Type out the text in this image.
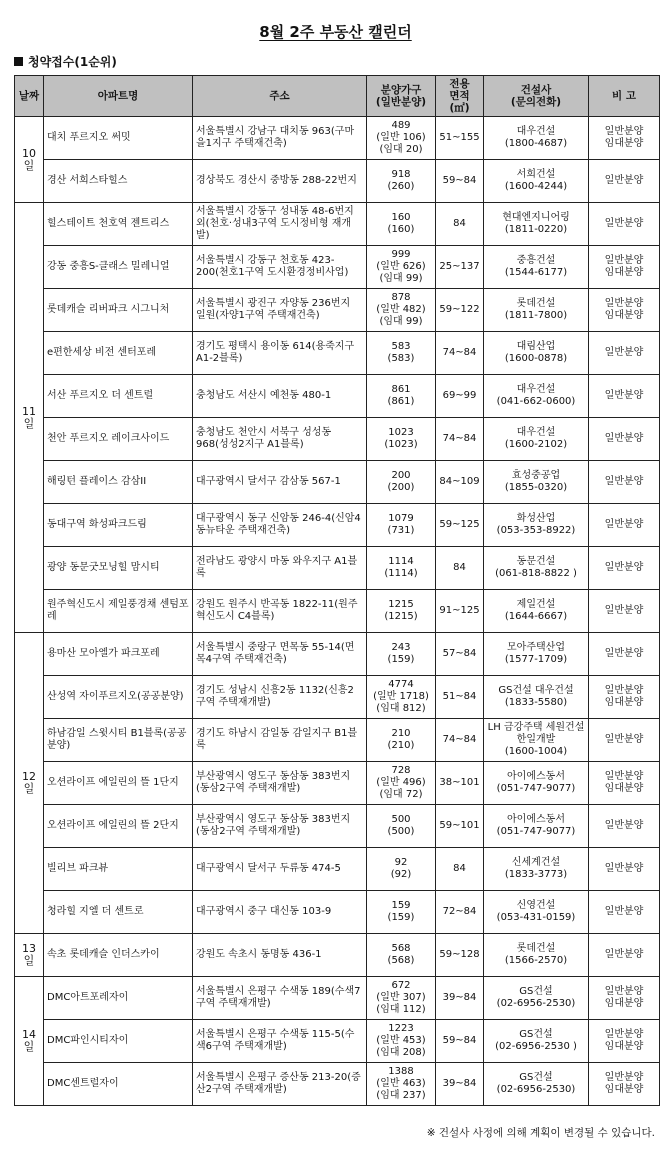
8월 2주 부동산 캘린더
청약접수(1순위)
날짜	아파트명	주소	분양가구
(일반분양)	전용
면적
(㎡)	건설사
(문의전화)	비 고
10일	대치 푸르지오 써밋	서울특별시 강남구 대치동 963(구마을1지구 주택재건축)	489
(일반 106)
(임대 20)	51~155	대우건설
(1800-4687)	일반분양
임대분양
	경산 서희스타힐스	경상북도 경산시 중방동 288-22번지	918
(260)	59~84	서희건설
(1600-4244)	일반분양
11일	힐스테이트 천호역 젠트리스	서울특별시 강동구 성내동 48-6번지 외(천호·성내3구역 도시정비형 재개발)	160
(160)	84	현대엔지니어링
(1811-0220)	일반분양
	강동 중흥S-클래스 밀레니얼	서울특별시 강동구 천호동 423-200(천호1구역 도시환경정비사업)	999
(일반 626)
(임대 99)	25~137	중흥건설
(1544-6177)	일반분양
임대분양
	롯데캐슬 리버파크 시그니처	서울특별시 광진구 자양동 236번지 일원(자양1구역 주택재건축)	878
(일반 482)
(임대 99)	59~122	롯데건설
(1811-7800)	일반분양
임대분양
	e편한세상 비전 센터포레	경기도 평택시 용이동 614(용죽지구 A1-2블록)	583
(583)	74~84	대림산업
(1600-0878)	일반분양
	서산 푸르지오 더 센트럴	충청남도 서산시 예천동 480-1	861
(861)	69~99	대우건설
(041-662-0600)	일반분양
	천안 푸르지오 레이크사이드	충청남도 천안시 서북구 성성동 968(성성2지구 A1블록)	1023
(1023)	74~84	대우건설
(1600-2102)	일반분양
	해링턴 플레이스 감삼II	대구광역시 달서구 감삼동 567-1	200
(200)	84~109	효성중공업
(1855-0320)	일반분양
	동대구역 화성파크드림	대구광역시 동구 신암동 246-4(신암4동뉴타운 주택재건축)	1079
(731)	59~125	화성산업
(053-353-8922)	일반분양
	광양 동문굿모닝힐 맘시티	전라남도 광양시 마동 와우지구 A1블록	1114
(1114)	84	동문건설
(061-818-8822 )	일반분양
	원주혁신도시 제일풍경채 센텀포레	강원도 원주시 반곡동 1822-11(원주혁신도시 C4블록)	1215
(1215)	91~125	제일건설
(1644-6667)	일반분양
12일	용마산 모아엘가 파크포레	서울특별시 중랑구 면목동 55-14(면목4구역 주택재건축)	243
(159)	57~84	모아주택산업
(1577-1709)	일반분양
	산성역 자이푸르지오(공공분양)	경기도 성남시 신흥2동 1132(신흥2구역 주택재개발)	4774
(일반 1718)
(임대 812)	51~84	GS건설 대우건설
(1833-5580)	일반분양
임대분양
	하남감일 스윗시티 B1블록(공공분양)	경기도 하남시 감일동 감일지구 B1블록	210
(210)	74~84	LH 금강주택 세원건설 한일개발
(1600-1004)	일반분양
	오션라이프 에일린의 뜰 1단지	부산광역시 영도구 동삼동 383번지(동삼2구역 주택재개발)	728
(일반 496)
(임대 72)	38~101	아이에스동서
(051-747-9077)	일반분양
임대분양
	오션라이프 에일린의 뜰 2단지	부산광역시 영도구 동삼동 383번지(동삼2구역 주택재개발)	500
(500)	59~101	아이에스동서
(051-747-9077)	일반분양
	빌리브 파크뷰	대구광역시 달서구 두류동 474-5	92
(92)	84	신세계건설
(1833-3773)	일반분양
	청라힐 지엘 더 센트로	대구광역시 중구 대신동 103-9	159
(159)	72~84	신영건설
(053-431-0159)	일반분양
13일	속초 롯데캐슬 인더스카이	강원도 속초시 동명동 436-1	568
(568)	59~128	롯데건설
(1566-2570)	일반분양
14일	DMC아트포레자이	서울특별시 은평구 수색동 189(수색7구역 주택재개발)	672
(일반 307)
(임대 112)	39~84	GS건설
(02-6956-2530)	일반분양
임대분양
	DMC파인시티자이	서울특별시 은평구 수색동 115-5(수색6구역 주택재개발)	1223
(일반 453)
(임대 208)	59~84	GS건설
(02-6956-2530 )	일반분양
임대분양
	DMC센트럴자이	서울특별시 은평구 증산동 213-20(증산2구역 주택재개발)	1388
(일반 463)
(임대 237)	39~84	GS건설
(02-6956-2530)	일반분양
임대분양
※ 건설사 사정에 의해 계획이 변경될 수 있습니다.
